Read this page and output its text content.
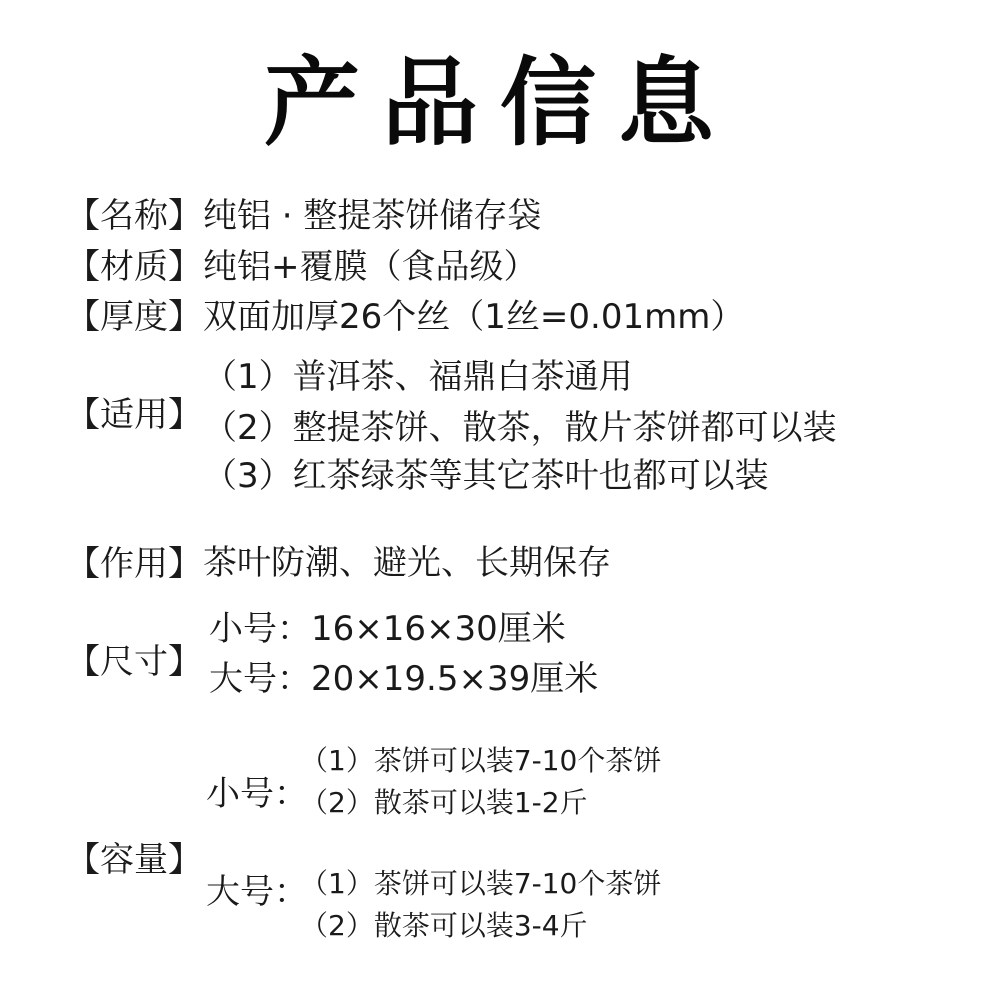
产品信息
【名称】 纯铝 · 整提茶饼储存袋
【材质】 纯铝+覆膜（食品级）
【厚度】 双面加厚26个丝（1丝=0.01mm）
【适用】
（1）普洱茶、福鼎白茶通用
（2）整提茶饼、散茶，散片茶饼都可以装
（3）红茶绿茶等其它茶叶也都可以装
【作用】 茶叶防潮、避光、长期保存
【尺寸】
小号：16×16×30厘米
大号：20×19.5×39厘米
【容量】
小号：
（1）茶饼可以装7-10个茶饼
（2）散茶可以装1-2斤
大号：
（1）茶饼可以装7-10个茶饼
（2）散茶可以装3-4斤
